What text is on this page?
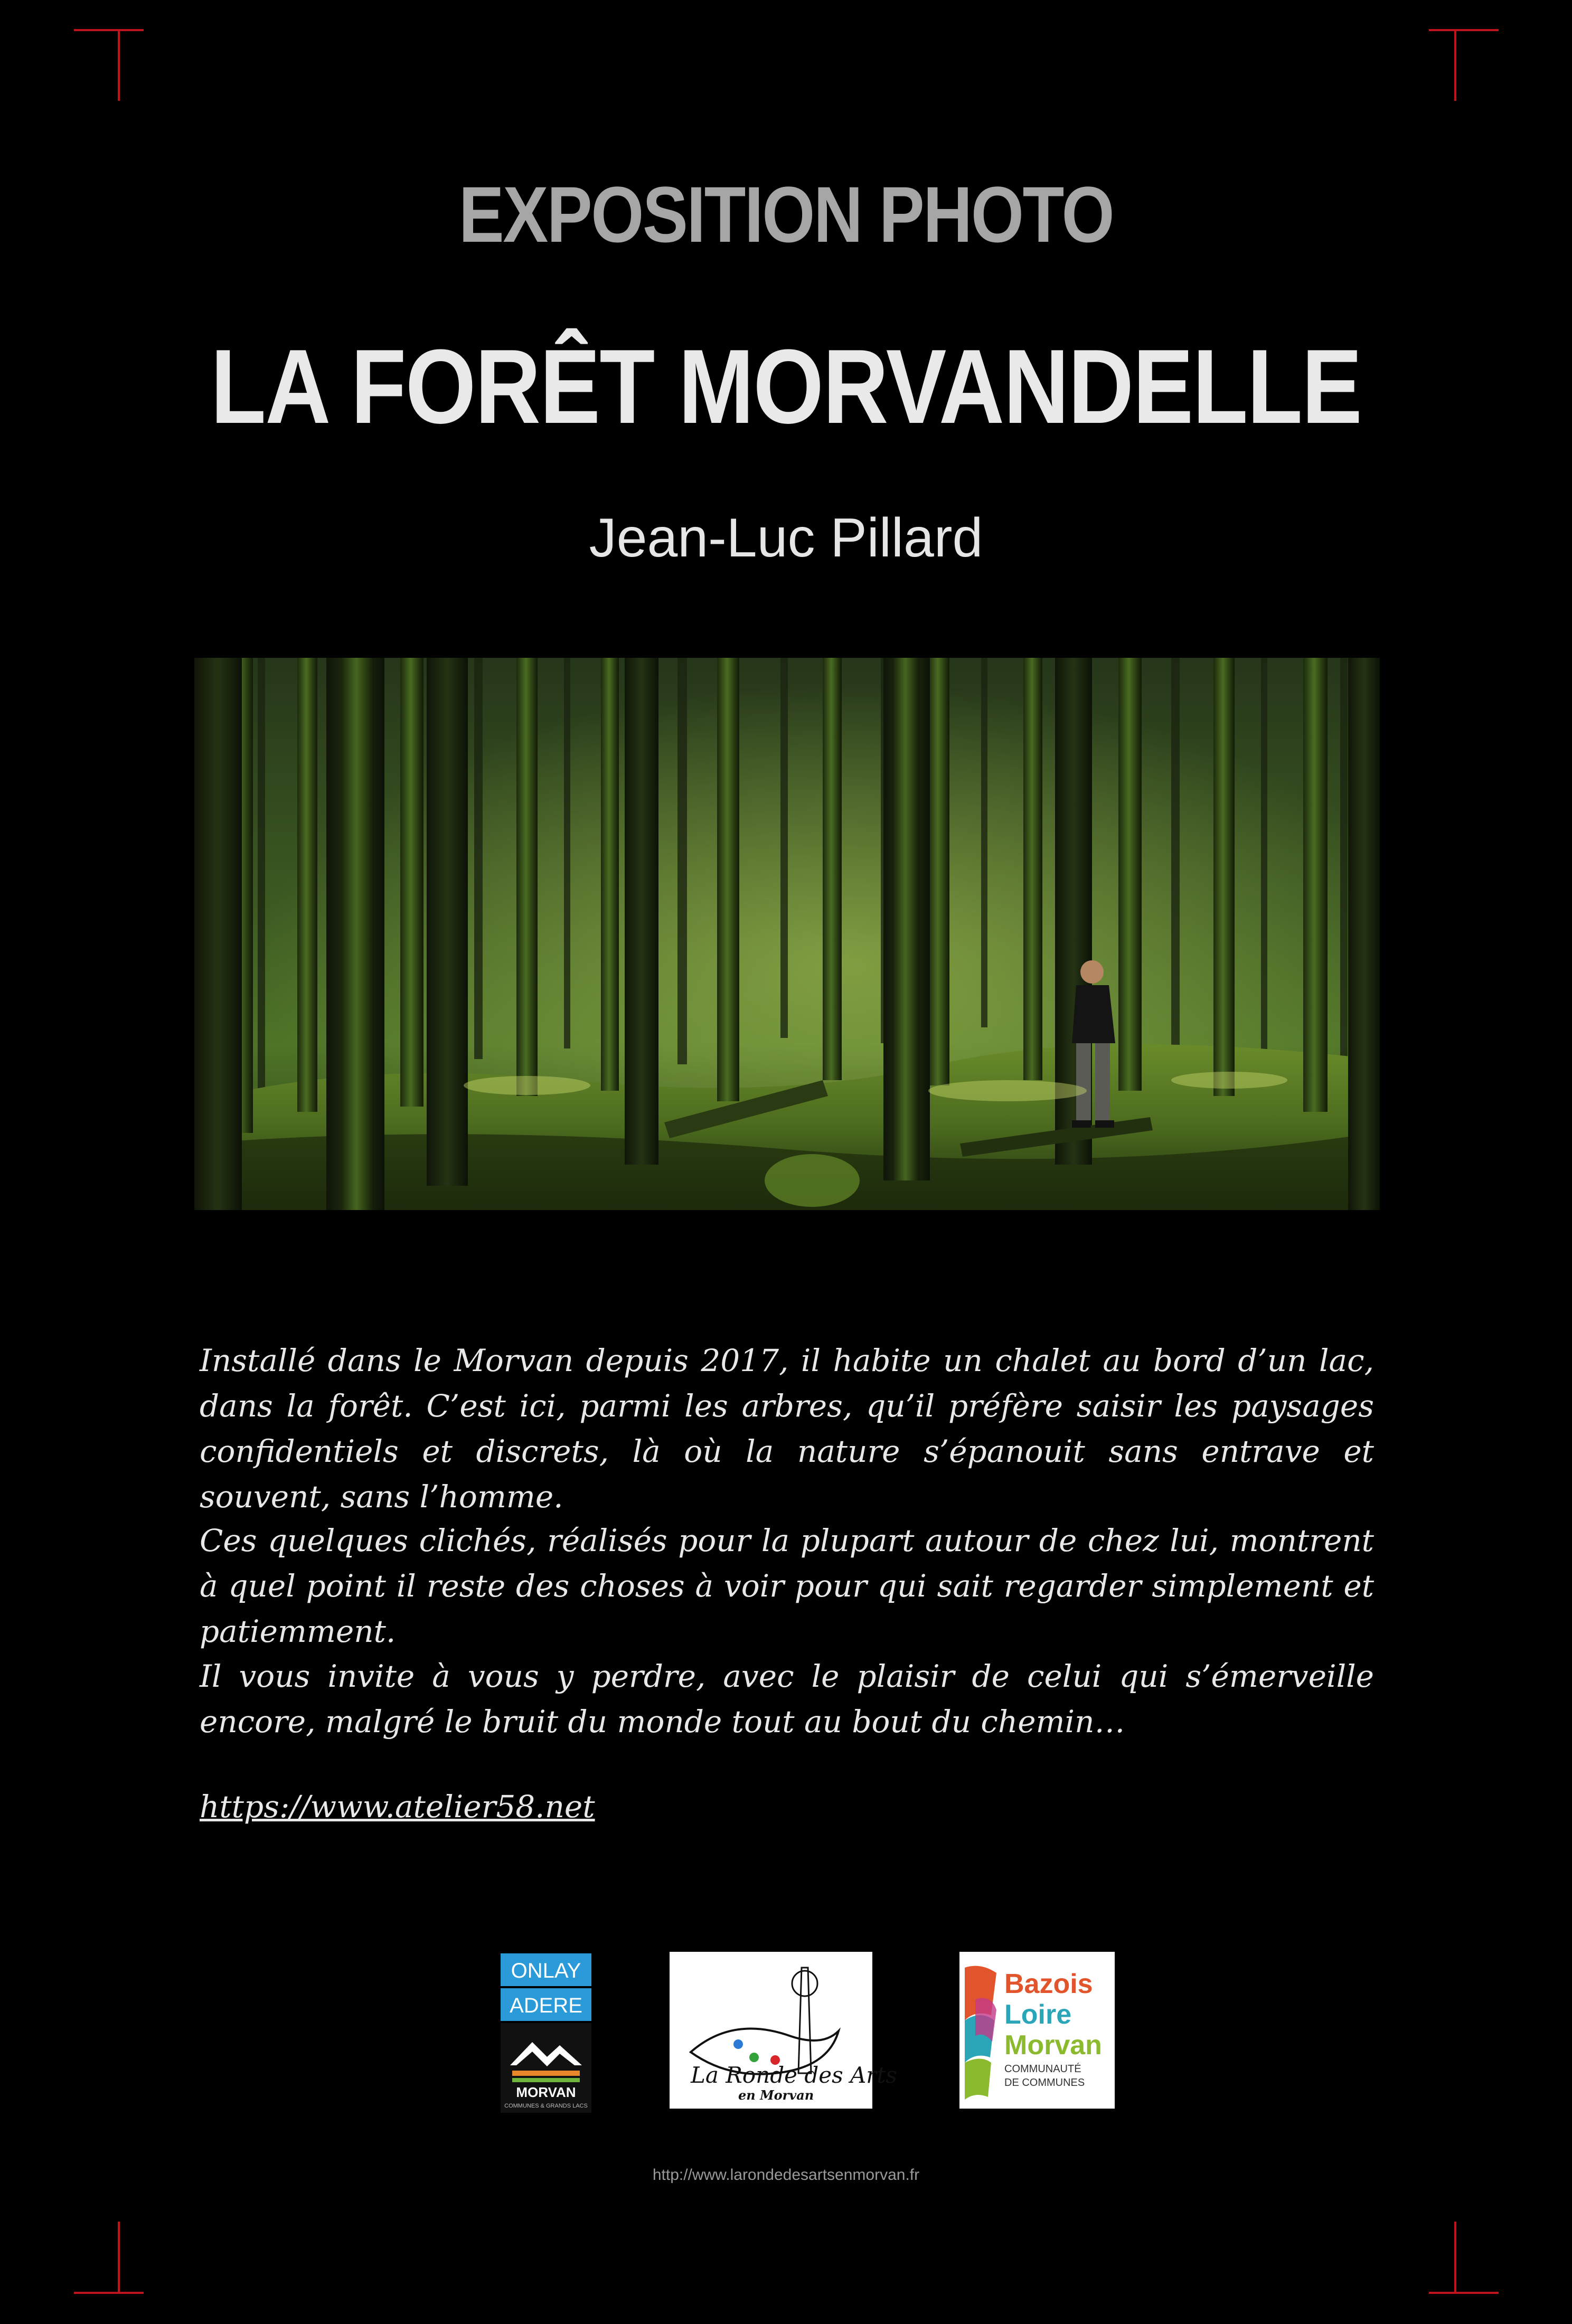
EXPOSITION PHOTO
LA FORÊT MORVANDELLE
Jean-Luc Pillard
Installé dans le Morvan depuis 2017, il habite un chalet au bord d’un lac, dans la forêt. C’est ici, parmi les arbres, qu’il préfère saisir les paysages confidentiels et discrets, là où la nature s’épanouit sans entrave et souvent, sans l’homme.
Ces quelques clichés, réalisés pour la plupart autour de chez lui, montrent à quel point il reste des choses à voir pour qui sait regarder simplement et patiemment.
Il vous invite à vous y perdre, avec le plaisir de celui qui s’émerveille encore, malgré le bruit du monde tout au bout du chemin…
https://www.atelier58.net
ONLAY
ADERE
MORVAN
COMMUNES & GRANDS LACS
La Ronde des Arts
en Morvan
Bazois
Loire
Morvan
COMMUNAUTÉ
DE COMMUNES
http://www.larondedesartsenmorvan.fr
